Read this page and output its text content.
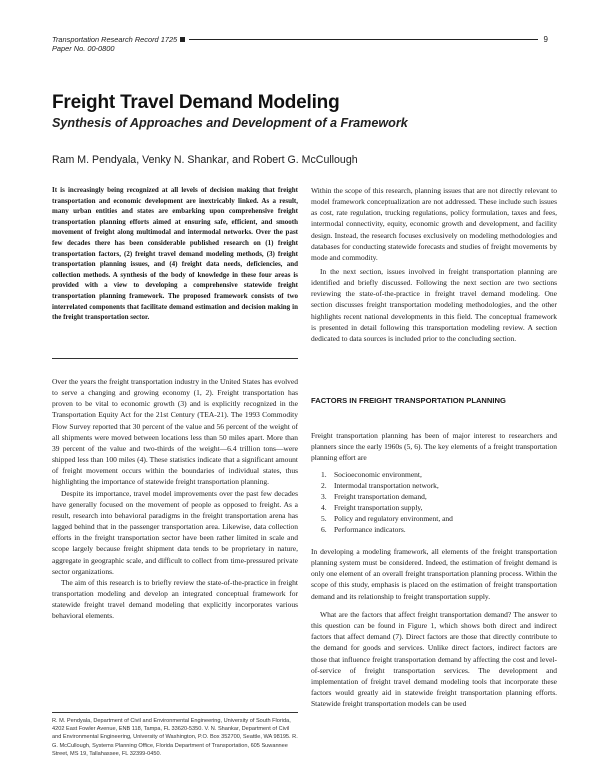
Transportation Research Record 1725	9
Paper No. 00-0800
Freight Travel Demand Modeling
Synthesis of Approaches and Development of a Framework
Ram M. Pendyala, Venky N. Shankar, and Robert G. McCullough

It is increasingly being recognized at all levels of decision making that freight transportation and economic development are inextricably linked. As a result, many urban entities and states are embarking upon comprehensive freight transportation planning efforts aimed at ensuring safe, efficient, and smooth movement of freight along multimodal and intermodal networks. Over the past few decades there has been considerable published research on (1) freight transportation factors, (2) freight travel demand modeling methods, (3) freight transportation planning issues, and (4) freight data needs, deficiencies, and collection methods. A synthesis of the body of knowledge in these four areas is provided with a view to developing a comprehensive statewide freight transportation planning framework. The proposed framework consists of two interrelated components that facilitate demand estimation and decision making in the freight transportation sector.

Over the years the freight transportation industry in the United States has evolved to serve a changing and growing economy (1, 2). Freight transportation has proven to be vital to economic growth (3) and is explicitly recognized in the Transportation Equity Act for the 21st Century (TEA-21). The 1993 Commodity Flow Survey reported that 30 percent of the value and 56 percent of the weight of all shipments were moved between locations less than 50 miles apart. More than 39 percent of the value and two-thirds of the weight—6.4 trillion tons—were shipped less than 100 miles (4). These statistics indicate that a significant amount of freight movement occurs within the boundaries of individual states, thus highlighting the importance of statewide freight transportation planning.

Despite its importance, travel model improvements over the past few decades have generally focused on the movement of people as opposed to freight. As a result, research into behavioral paradigms in the freight transportation arena has lagged behind that in the passenger transportation area. Likewise, data collection efforts in the freight transportation sector have been rather limited in scale and scope largely because freight shipment data tends to be proprietary in nature, aggregate in geographic scale, and difficult to collect from time-pressured private sector organizations.

The aim of this research is to briefly review the state-of-the-practice in freight transportation modeling and develop an integrated conceptual framework for statewide freight travel demand modeling that explicitly incorporates various behavioral elements.

R. M. Pendyala, Department of Civil and Environmental Engineering, University of South Florida, 4202 East Fowler Avenue, ENB 118, Tampa, FL 33620-5350. V. N. Shankar, Department of Civil and Environmental Engineering, University of Washington, P.O. Box 352700, Seattle, WA 98195. R. G. McCullough, Systems Planning Office, Florida Department of Transportation, 605 Suwannee Street, MS 19, Tallahassee, FL 32399-0450.

Within the scope of this research, planning issues that are not directly relevant to model framework conceptualization are not addressed. These include such issues as cost, rate regulation, trucking regulations, policy formulation, taxes and fees, intermodal connectivity, equity, economic growth and development, and facility design. Instead, the research focuses exclusively on modeling methodologies and databases for conducting statewide forecasts and studies of freight movements by mode and commodity.

In the next section, issues involved in freight transportation planning are identified and briefly discussed. Following the next section are two sections reviewing the state-of-the-practice in freight travel demand modeling. One section discusses freight transportation modeling methodologies, and the other highlights recent national developments in this field. The conceptual framework is presented in detail following this transportation modeling review. A section dedicated to data sources is included prior to the concluding section.

FACTORS IN FREIGHT TRANSPORTATION PLANNING

Freight transportation planning has been of major interest to researchers and planners since the early 1960s (5, 6). The key elements of a freight transportation planning effort are

1. Socioeconomic environment,
2. Intermodal transportation network,
3. Freight transportation demand,
4. Freight transportation supply,
5. Policy and regulatory environment, and
6. Performance indicators.

In developing a modeling framework, all elements of the freight transportation planning system must be considered. Indeed, the estimation of freight demand is only one element of an overall freight transportation planning process. Within the scope of this study, emphasis is placed on the estimation of freight transportation demand and its relationship to freight transportation supply.

What are the factors that affect freight transportation demand? The answer to this question can be found in Figure 1, which shows both direct and indirect factors that affect demand (7). Direct factors are those that directly contribute to the demand for goods and services. Unlike direct factors, indirect factors are those that influence freight transportation demand by affecting the cost and level-of-service of freight transportation services. The development and implementation of freight travel demand modeling tools that incorporate these factors would greatly aid in statewide freight transportation planning efforts. Statewide freight transportation models can be used
